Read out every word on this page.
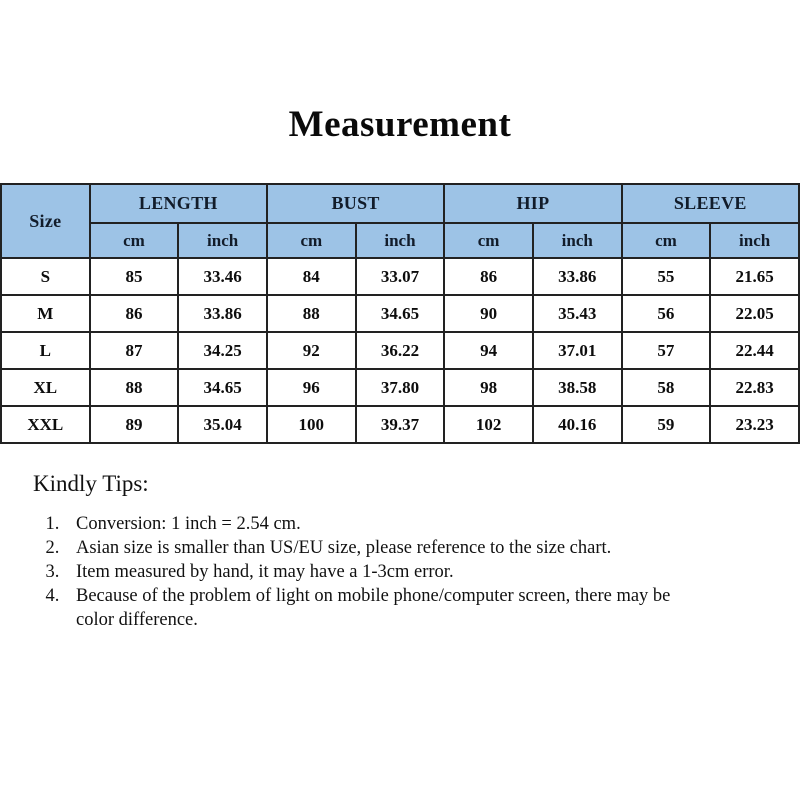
Measurement
Size	LENGTH		BUST		HIP		SLEEVE	
	cm	inch	cm	inch	cm	inch	cm	inch
S	85	33.46	84	33.07	86	33.86	55	21.65
M	86	33.86	88	34.65	90	35.43	56	22.05
L	87	34.25	92	36.22	94	37.01	57	22.44
XL	88	34.65	96	37.80	98	38.58	58	22.83
XXL	89	35.04	100	39.37	102	40.16	59	23.23

Kindly Tips:

1. Conversion: 1 inch = 2.54 cm.
2. Asian size is smaller than US/EU size, please reference to the size chart.
3. Item measured by hand, it may have a 1-3cm error.
4. Because of the problem of light on mobile phone/computer screen, there may be color difference.
